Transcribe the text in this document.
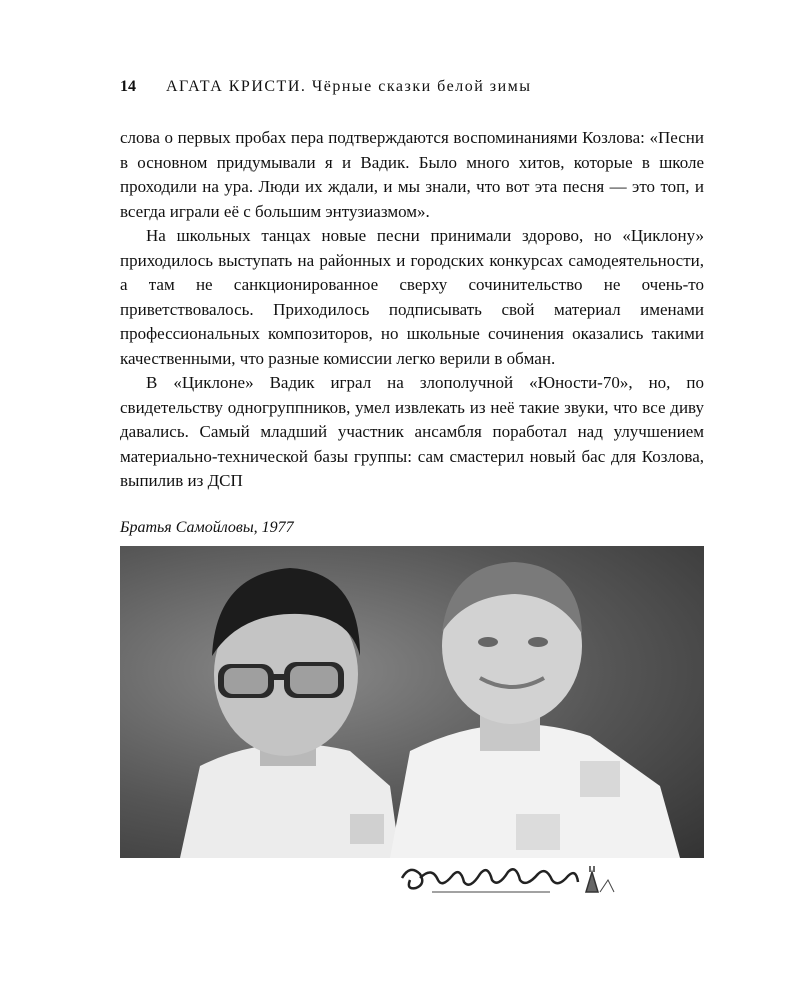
14 АГАТА КРИСТИ. Чёрные сказки белой зимы

слова о первых пробах пера подтверждаются воспоминаниями Козлова: «Песни в основном придумывали я и Вадик. Было много хитов, которые в школе проходили на ура. Люди их ждали, и мы знали, что вот эта песня — это топ, и всегда играли её с большим энтузиазмом».

На школьных танцах новые песни принимали здорово, но «Циклону» приходилось выступать на районных и городских конкурсах самодеятельности, а там не санкционированное сверху сочинительство не очень-то приветствовалось. Приходилось подписывать свой материал именами профессиональных композиторов, но школьные сочинения оказались такими качественными, что разные комиссии легко верили в обман.

В «Циклоне» Вадик играл на злополучной «Юности-70», но, по свидетельству одногруппников, умел извлекать из неё такие звуки, что все диву давались. Самый младший участник ансамбля поработал над улучшением материально-технической базы группы: сам смастерил новый бас для Козлова, выпилив из ДСП

Братья Самойловы, 1977
